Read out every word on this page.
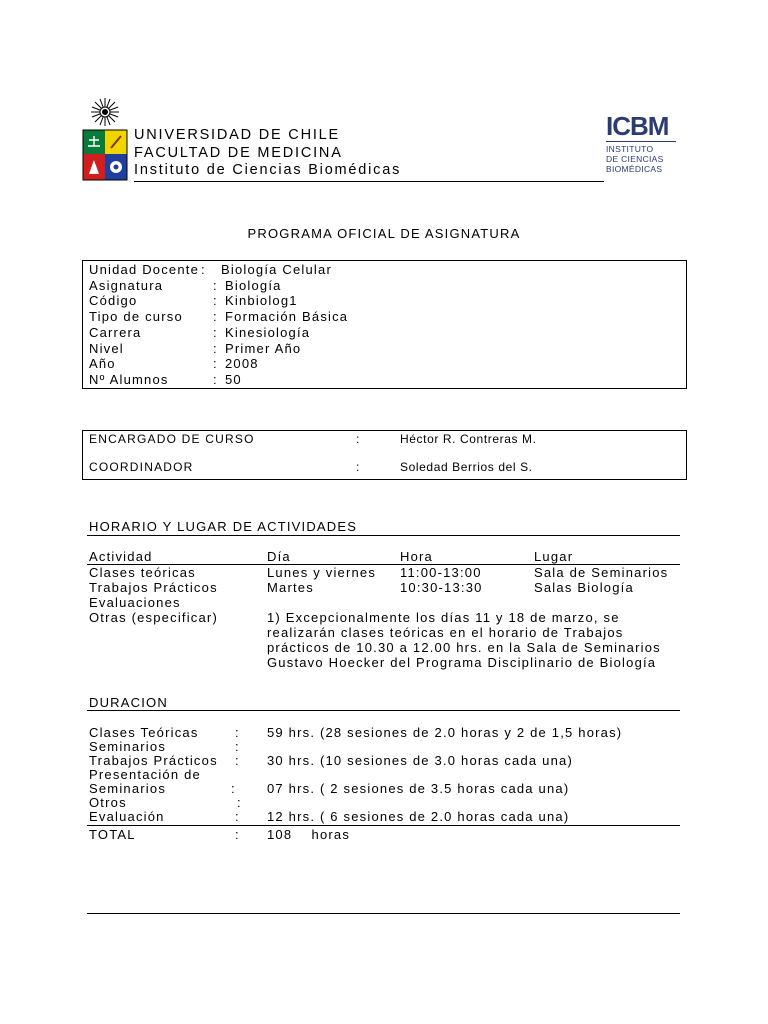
UNIVERSIDAD DE CHILE
FACULTAD DE MEDICINA
Instituto de Ciencias Biomédicas
ICBM
INSTITUTO
DE CIENCIAS
BIOMÉDICAS
PROGRAMA OFICIAL DE ASIGNATURA
Unidad Docente : Biología Celular
Asignatura	: Biología
Código	: Kinbiolog1
Tipo de curso : Formación Básica
Carrera	: Kinesiología
Nivel	: Primer Año
Año	: 2008
Nº Alumnos	: 50
ENCARGADO DE CURSO	:	Héctor R. Contreras M.
COORDINADOR	:	Soledad Berrios del S.
HORARIO Y LUGAR DE ACTIVIDADES
Actividad	Día	Hora	Lugar
Clases teóricas	Lunes y viernes 11:00-13:00	Sala de Seminarios
Trabajos Prácticos	Martes	10:30-13:30	Salas Biología
Evaluaciones
Otras (especificar)	1) Excepcionalmente los días 11 y 18 de marzo, se
realizarán clases teóricas en el horario de Trabajos
prácticos de 10.30 a 12.00 hrs. en la Sala de Seminarios
Gustavo Hoecker del Programa Disciplinario de Biología
DURACION
Clases Teóricas	: 59 hrs. (28 sesiones de 2.0 horas y 2 de 1,5 horas)
Seminarios	:
Trabajos Prácticos : 30 hrs. (10 sesiones de 3.0 horas cada una)
Presentación de
Seminarios	: 07 hrs. ( 2 sesiones de 3.5 horas cada una)
Otros	:
Evaluación	: 12 hrs. ( 6 sesiones de 2.0 horas cada una)
TOTAL	: 108    horas
